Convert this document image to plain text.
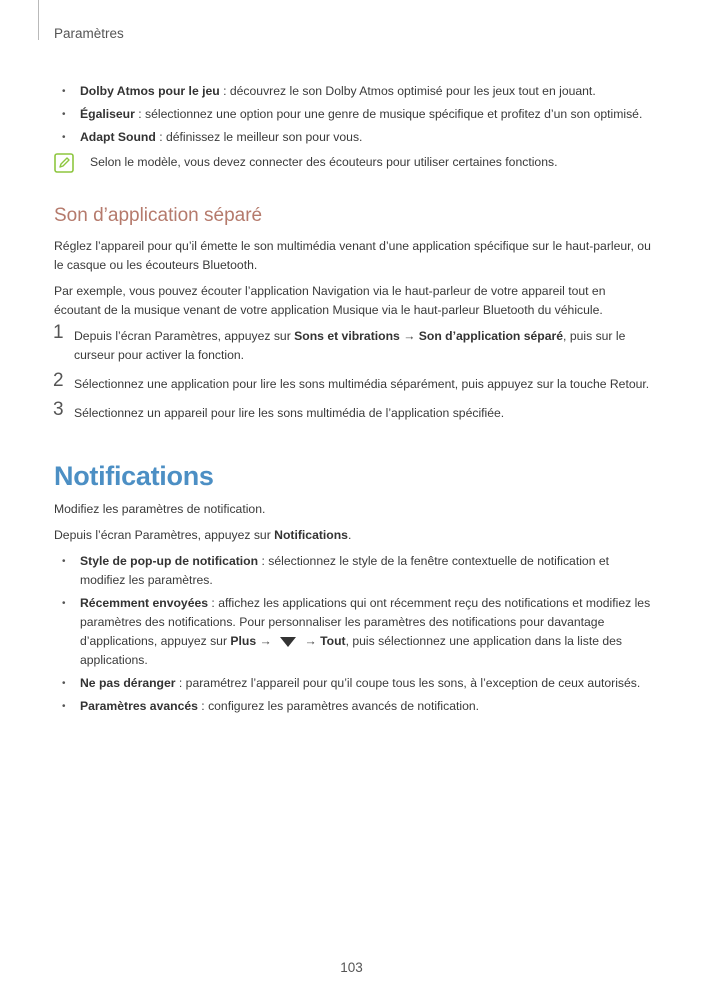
Paramètres
• Dolby Atmos pour le jeu : découvrez le son Dolby Atmos optimisé pour les jeux tout en jouant.
• Égaliseur : sélectionnez une option pour une genre de musique spécifique et profitez d’un son optimisé.
• Adapt Sound : définissez le meilleur son pour vous.
Selon le modèle, vous devez connecter des écouteurs pour utiliser certaines fonctions.
Son d’application séparé

Réglez l’appareil pour qu’il émette le son multimédia venant d’une application spécifique sur le haut-parleur, ou le casque ou les écouteurs Bluetooth.

Par exemple, vous pouvez écouter l’application Navigation via le haut-parleur de votre appareil tout en écoutant de la musique venant de votre application Musique via le haut-parleur Bluetooth du véhicule.

1 Depuis l’écran Paramètres, appuyez sur Sons et vibrations → Son d’application séparé, puis sur le curseur pour activer la fonction.
2 Sélectionnez une application pour lire les sons multimédia séparément, puis appuyez sur la touche Retour.
3 Sélectionnez un appareil pour lire les sons multimédia de l’application spécifiée.
Notifications

Modifiez les paramètres de notification.

Depuis l’écran Paramètres, appuyez sur Notifications.

• Style de pop-up de notification : sélectionnez le style de la fenêtre contextuelle de notification et modifiez les paramètres.
• Récemment envoyées : affichez les applications qui ont récemment reçu des notifications et modifiez les paramètres des notifications. Pour personnaliser les paramètres des notifications pour davantage d’applications, appuyez sur Plus →  → Tout, puis sélectionnez une application dans la liste des applications.
• Ne pas déranger : paramétrez l’appareil pour qu’il coupe tous les sons, à l’exception de ceux autorisés.
• Paramètres avancés : configurez les paramètres avancés de notification.
103
